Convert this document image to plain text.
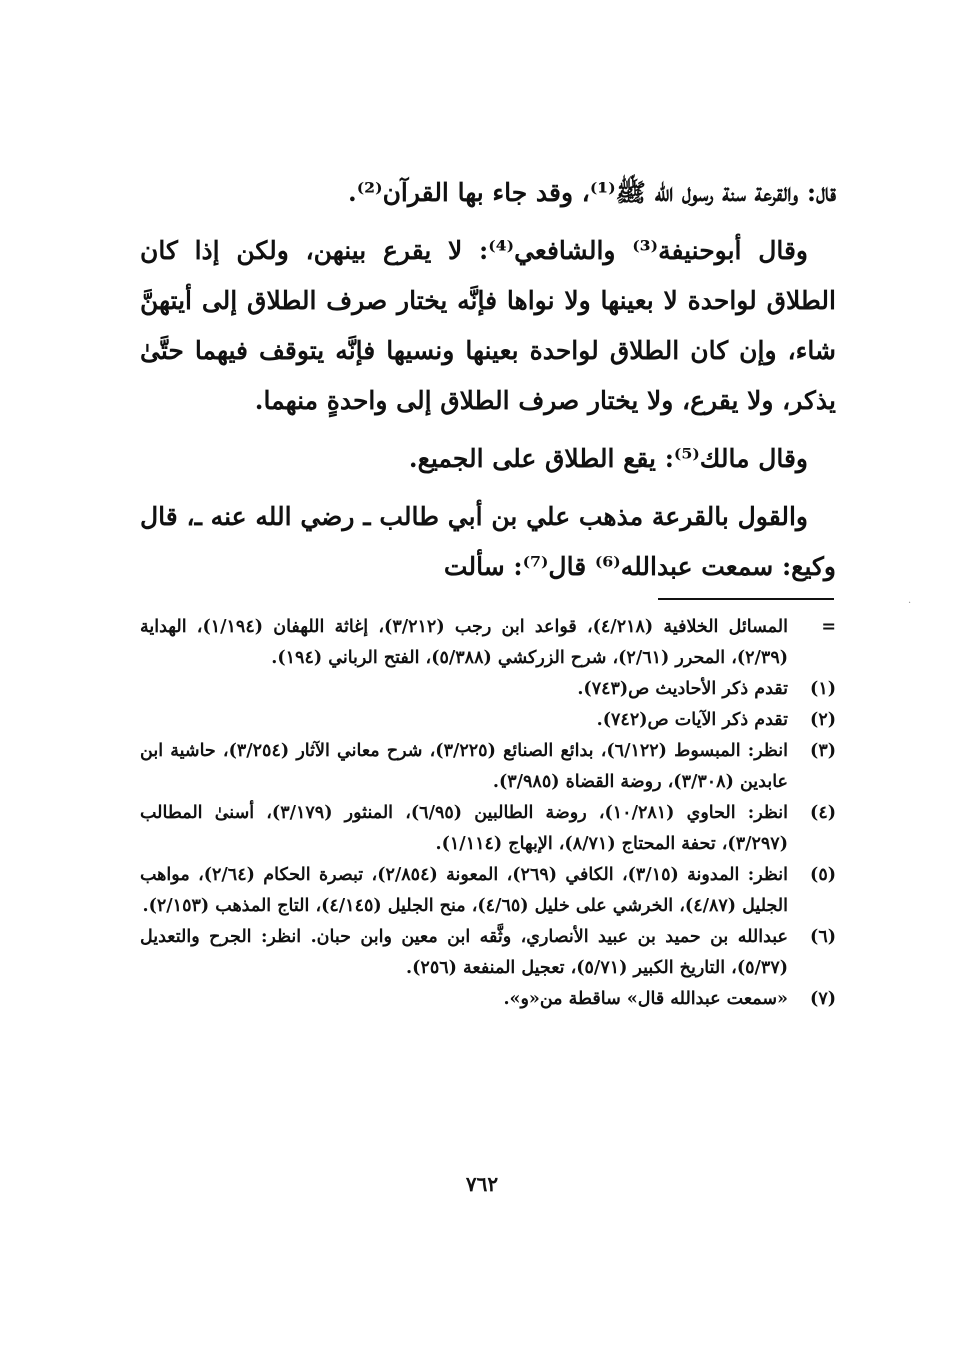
قال: والقرعة سنة رسول الله ﷺ⁽¹⁾، وقد جاء بها القرآن⁽²⁾.

وقال أبوحنيفة⁽³⁾ والشافعي⁽⁴⁾: لا يقرع بينهن، ولكن إذا كان الطلاق لواحدة لا بعينها ولا نواها فإنَّه يختار صرف الطلاق إلى أيتهنَّ شاء، وإن كان الطلاق لواحدة بعينها ونسيها فإنَّه يتوقف فيهما حتَّىٰ يذكر، ولا يقرع، ولا يختار صرف الطلاق إلى واحدةٍ منهما.

وقال مالك⁽⁵⁾: يقع الطلاق على الجميع.

والقول بالقرعة مذهب علي بن أبي طالب ـ رضي الله عنه ـ، قال وكيع: سمعت عبدالله⁽⁶⁾ قال⁽⁷⁾: سألت

·
=
المسائل الخلافية (٤/٢١٨)، قواعد ابن رجب (٣/٢١٢)، إغاثة اللهفان (١/١٩٤)، الهداية (٢/٣٩)، المحرر (٢/٦١)، شرح الزركشي (٥/٣٨٨)، الفتح الرباني (١٩٤).
(١)
تقدم ذكر الأحاديث ص(٧٤٣).
(٢)
تقدم ذكر الآيات ص(٧٤٢).
(٣)
انظر: المبسوط (٦/١٢٢)، بدائع الصنائع (٣/٢٢٥)، شرح معاني الآثار (٣/٢٥٤)، حاشية ابن عابدين (٣/٣٠٨)، روضة القضاة (٣/٩٨٥).
(٤)
انظر: الحاوي (١٠/٢٨١)، روضة الطالبين (٦/٩٥)، المنثور (٣/١٧٩)، أسنىٰ المطالب (٣/٢٩٧)، تحفة المحتاج (٨/٧١)، الإبهاج (١/١١٤).
(٥)
انظر: المدونة (٣/١٥)، الكافي (٢٦٩)، المعونة (٢/٨٥٤)، تبصرة الحكام (٢/٦٤)، مواهب الجليل (٤/٨٧)، الخرشي على خليل (٤/٦٥)، منح الجليل (٤/١٤٥)، التاج المذهب (٢/١٥٣).
(٦)
عبدالله بن حميد بن عبيد الأنصاري، وثَّقه ابن معين وابن حبان. انظر: الجرح والتعديل (٥/٣٧)، التاريخ الكبير (٥/٧١)، تعجيل المنفعة (٢٥٦).
(٧)
«سمعت عبدالله قال» ساقطة من«و».
٧٦٢
